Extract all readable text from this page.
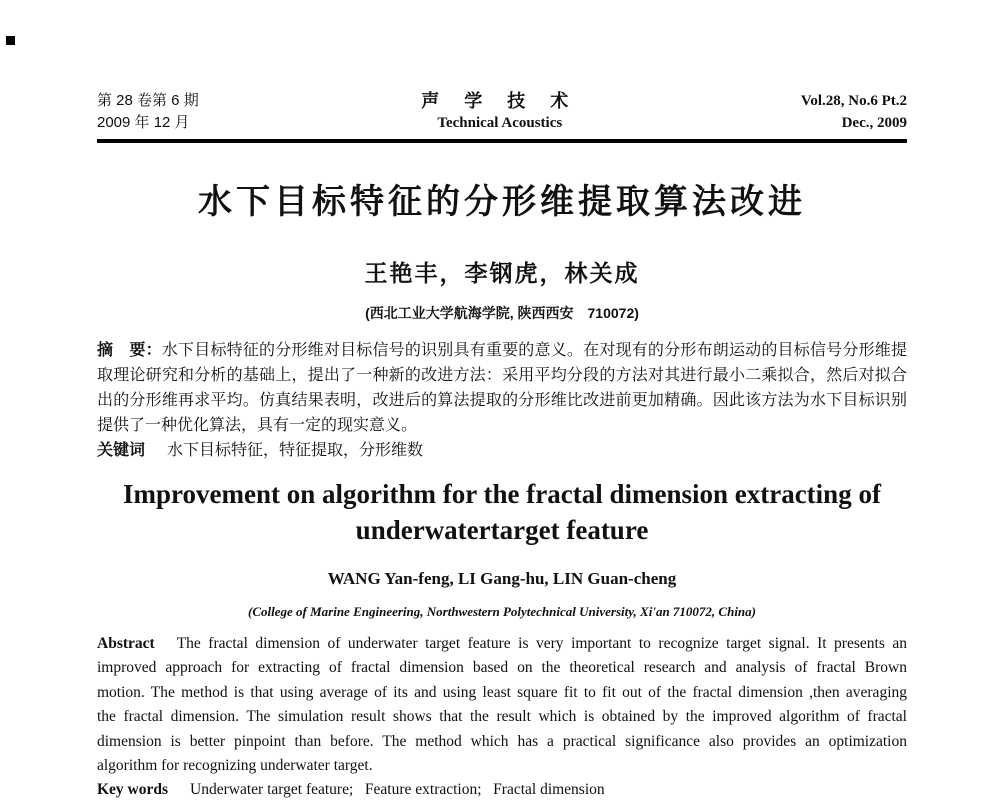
第 28 卷第 6 期
2009 年 12 月
声 学 技 术
Technical Acoustics
Vol.28, No.6 Pt.2
Dec., 2009
水下目标特征的分形维提取算法改进
王艳丰，李钢虎，林关成
(西北工业大学航海学院, 陕西西安　710072)
摘　要：水下目标特征的分形维对目标信号的识别具有重要的意义。在对现有的分形布朗运动的目标信号分形维提
取理论研究和分析的基础上，提出了一种新的改进方法：采用平均分段的方法对其进行最小二乘拟合，然后对拟合
出的分形维再求平均。仿真结果表明，改进后的算法提取的分形维比改进前更加精确。因此该方法为水下目标识别
提供了一种优化算法，具有一定的现实意义。
关键词 水下目标特征，特征提取，分形维数
Improvement on algorithm for the fractal dimension extracting of
underwatertarget feature
WANG Yan-feng, LI Gang-hu, LIN Guan-cheng
(College of Marine Engineering, Northwestern Polytechnical University, Xi'an 710072, China)
Abstract The fractal dimension of underwater target feature is very important to recognize target signal. It presents an
improved approach for extracting of fractal dimension based on the theoretical research and analysis of fractal Brown
motion. The method is that using average of its and using least square fit to fit out of the fractal dimension ,then averaging
the fractal dimension. The simulation result shows that the result which is obtained by the improved algorithm of fractal
dimension is better pinpoint than before. The method which has a practical significance also provides an optimization
algorithm for recognizing underwater target.
Key words Underwater target feature;   Feature extraction;   Fractal dimension
